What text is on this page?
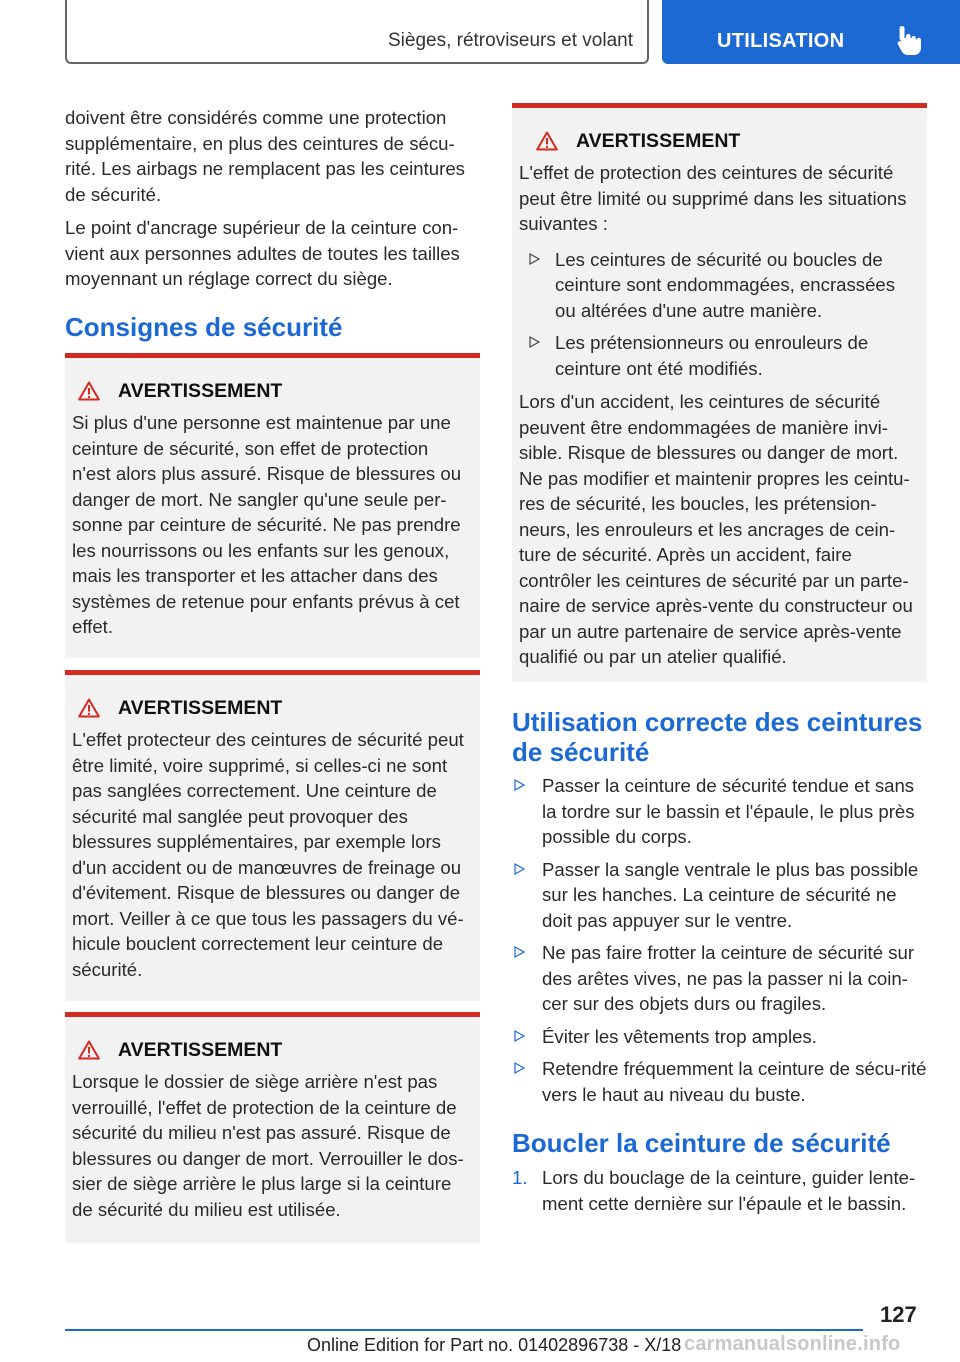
Sièges, rétroviseurs et volant	UTILISATION

doivent être considérés comme une protection supplémentaire, en plus des ceintures de sécu-rité. Les airbags ne remplacent pas les ceintures de sécurité.

Le point d'ancrage supérieur de la ceinture con-vient aux personnes adultes de toutes les tailles moyennant un réglage correct du siège.

Consignes de sécurité
AVERTISSEMENT

Si plus d'une personne est maintenue par une ceinture de sécurité, son effet de protection n'est alors plus assuré. Risque de blessures ou danger de mort. Ne sangler qu'une seule per-sonne par ceinture de sécurité. Ne pas prendre les nourrissons ou les enfants sur les genoux, mais les transporter et les attacher dans des systèmes de retenue pour enfants prévus à cet effet.

AVERTISSEMENT

L'effet protecteur des ceintures de sécurité peut être limité, voire supprimé, si celles-ci ne sont pas sanglées correctement. Une ceinture de sécurité mal sanglée peut provoquer des blessures supplémentaires, par exemple lors d'un accident ou de manœuvres de freinage ou d'évitement. Risque de blessures ou danger de mort. Veiller à ce que tous les passagers du vé-hicule bouclent correctement leur ceinture de sécurité.

AVERTISSEMENT

Lorsque le dossier de siège arrière n'est pas verrouillé, l'effet de protection de la ceinture de sécurité du milieu n'est pas assuré. Risque de blessures ou danger de mort. Verrouiller le dos-sier de siège arrière le plus large si la ceinture de sécurité du milieu est utilisée.

AVERTISSEMENT

L'effet de protection des ceintures de sécurité peut être limité ou supprimé dans les situations suivantes :

Les ceintures de sécurité ou boucles de ceinture sont endommagées, encrassées ou altérées d'une autre manière.
Les prétensionneurs ou enrouleurs de ceinture ont été modifiés.

Lors d'un accident, les ceintures de sécurité peuvent être endommagées de manière invi-sible. Risque de blessures ou danger de mort. Ne pas modifier et maintenir propres les ceintu-res de sécurité, les boucles, les prétension-neurs, les enrouleurs et les ancrages de cein-ture de sécurité. Après un accident, faire contrôler les ceintures de sécurité par un parte-naire de service après-vente du constructeur ou par un autre partenaire de service après-vente qualifié ou par un atelier qualifié.

Utilisation correcte des ceintures de sécurité
Passer la ceinture de sécurité tendue et sans la tordre sur le bassin et l'épaule, le plus près possible du corps.
Passer la sangle ventrale le plus bas possible sur les hanches. La ceinture de sécurité ne doit pas appuyer sur le ventre.
Ne pas faire frotter la ceinture de sécurité sur des arêtes vives, ne pas la passer ni la coin-cer sur des objets durs ou fragiles.
Éviter les vêtements trop amples.
Retendre fréquemment la ceinture de sécu-rité vers le haut au niveau du buste.
Boucler la ceinture de sécurité
1. Lors du bouclage de la ceinture, guider lente-ment cette dernière sur l'épaule et le bassin.
127
Online Edition for Part no. 01402896738 - X/18 carmanualsonline.info
